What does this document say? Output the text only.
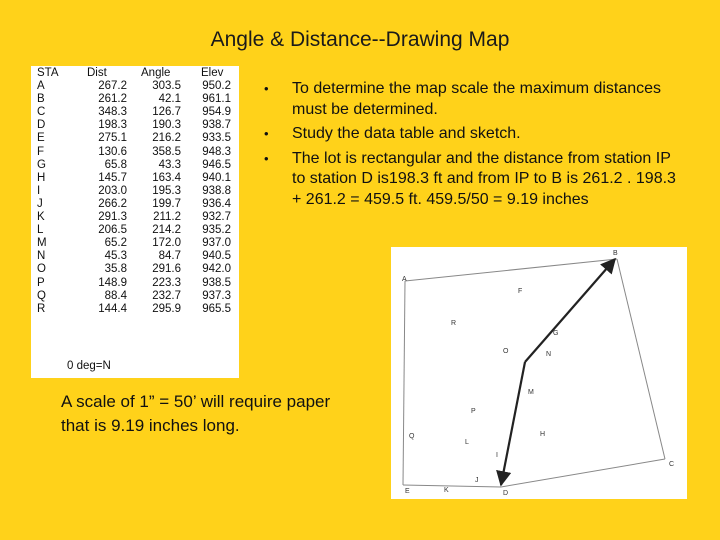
Angle & Distance--Drawing Map
STA	Dist	Angle	Elev
A	267.2	303.5	950.2
B	261.2	42.1	961.1
C	348.3	126.7	954.9
D	198.3	190.3	938.7
E	275.1	216.2	933.5
F	130.6	358.5	948.3
G	65.8	43.3	946.5
H	145.7	163.4	940.1
I	203.0	195.3	938.8
J	266.2	199.7	936.4
K	291.3	211.2	932.7
L	206.5	214.2	935.2
M	65.2	172.0	937.0
N	45.3	84.7	940.5
O	35.8	291.6	942.0
P	148.9	223.3	938.5
Q	88.4	232.7	937.3
R	144.4	295.9	965.5
0 deg=N
• To determine the map scale the maximum distances must be determined.
• Study the data table and sketch.
• The lot is rectangular and the distance from station IP to station D is198.3 ft and from IP to B is 261.2 . 198.3 + 261.2 = 459.5 ft. 459.5/50 = 9.19 inches
A scale of 1” = 50’ will require paper that is 9.19 inches long.
A
B
C
D
E
F
G
H
I
J
K
L
M
N
O
P
Q
R
